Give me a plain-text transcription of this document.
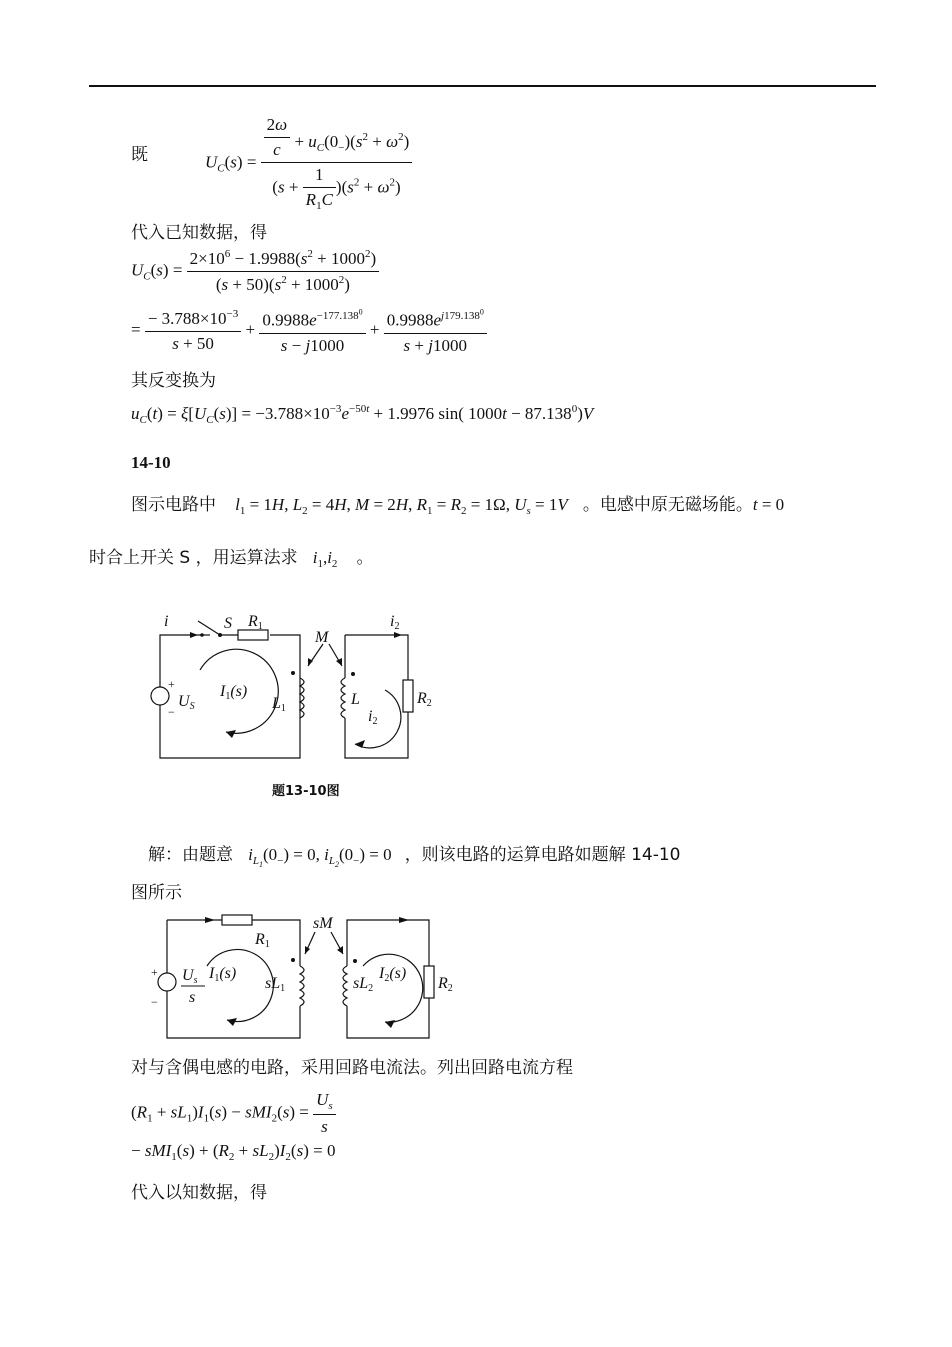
既	$U_C(s) = \frac{\frac{2\omega}{c} + u_C(0_-)(s^2 + \omega^2)}{(s + \frac{1}{R_1C} )(s^2 + \omega^2)}$
代入已知数据，得
$U_C(s) = \frac{2\times 10^6 - 1.9988(s^2 + 1000^2)}{(s + 50)(s^2 + 1000^2)}$
= $\frac{- 3.788\times 10^{-3}}{s + 50} + \frac{0.9988e^{-177.138^0}}{s - j1000} + \frac{0.9988e^{j179.138^0}}{s + j1000}$
其反变换为
$u_C(t) = \xi[U_C(s)] = -3.788\times 10^{-3}e^{-50t} + 1.9976$ sin( $1000t - 87.138^0)V$
14-10
图示电路中 $l_1 = 1H$, $L_2 = 4H$, M = 2H, $R_1 = R_2 = 1\Omega$, $U_s = 1V$ 。电感中原无磁场能。t = 0
时合上开关 S ，用运算法求 $i_1,i_2$ 。
i	S R1
M
i2
+
−
US
I1(s)
L1
L
i2
R2
题13-10图
解：由题意 $i_{L_1}(0_-) = 0$, $i_{L_2}(0_-) = 0$ ，则该电路的运算电路如题解 14-10
图所示
R1
sM
+
−
Us
s
I1(s)
sL1	sL2
I2(s)
R2
对与含偶电感的电路，采用回路电流法。列出回路电流方程
$(R_1 + sL_1)I_1(s) - sMI_2(s) = \frac{U_s}{s}$
− $sMI_1(s) + (R_2 + sL_2)I_2(s) = 0$
代入以知数据，得
